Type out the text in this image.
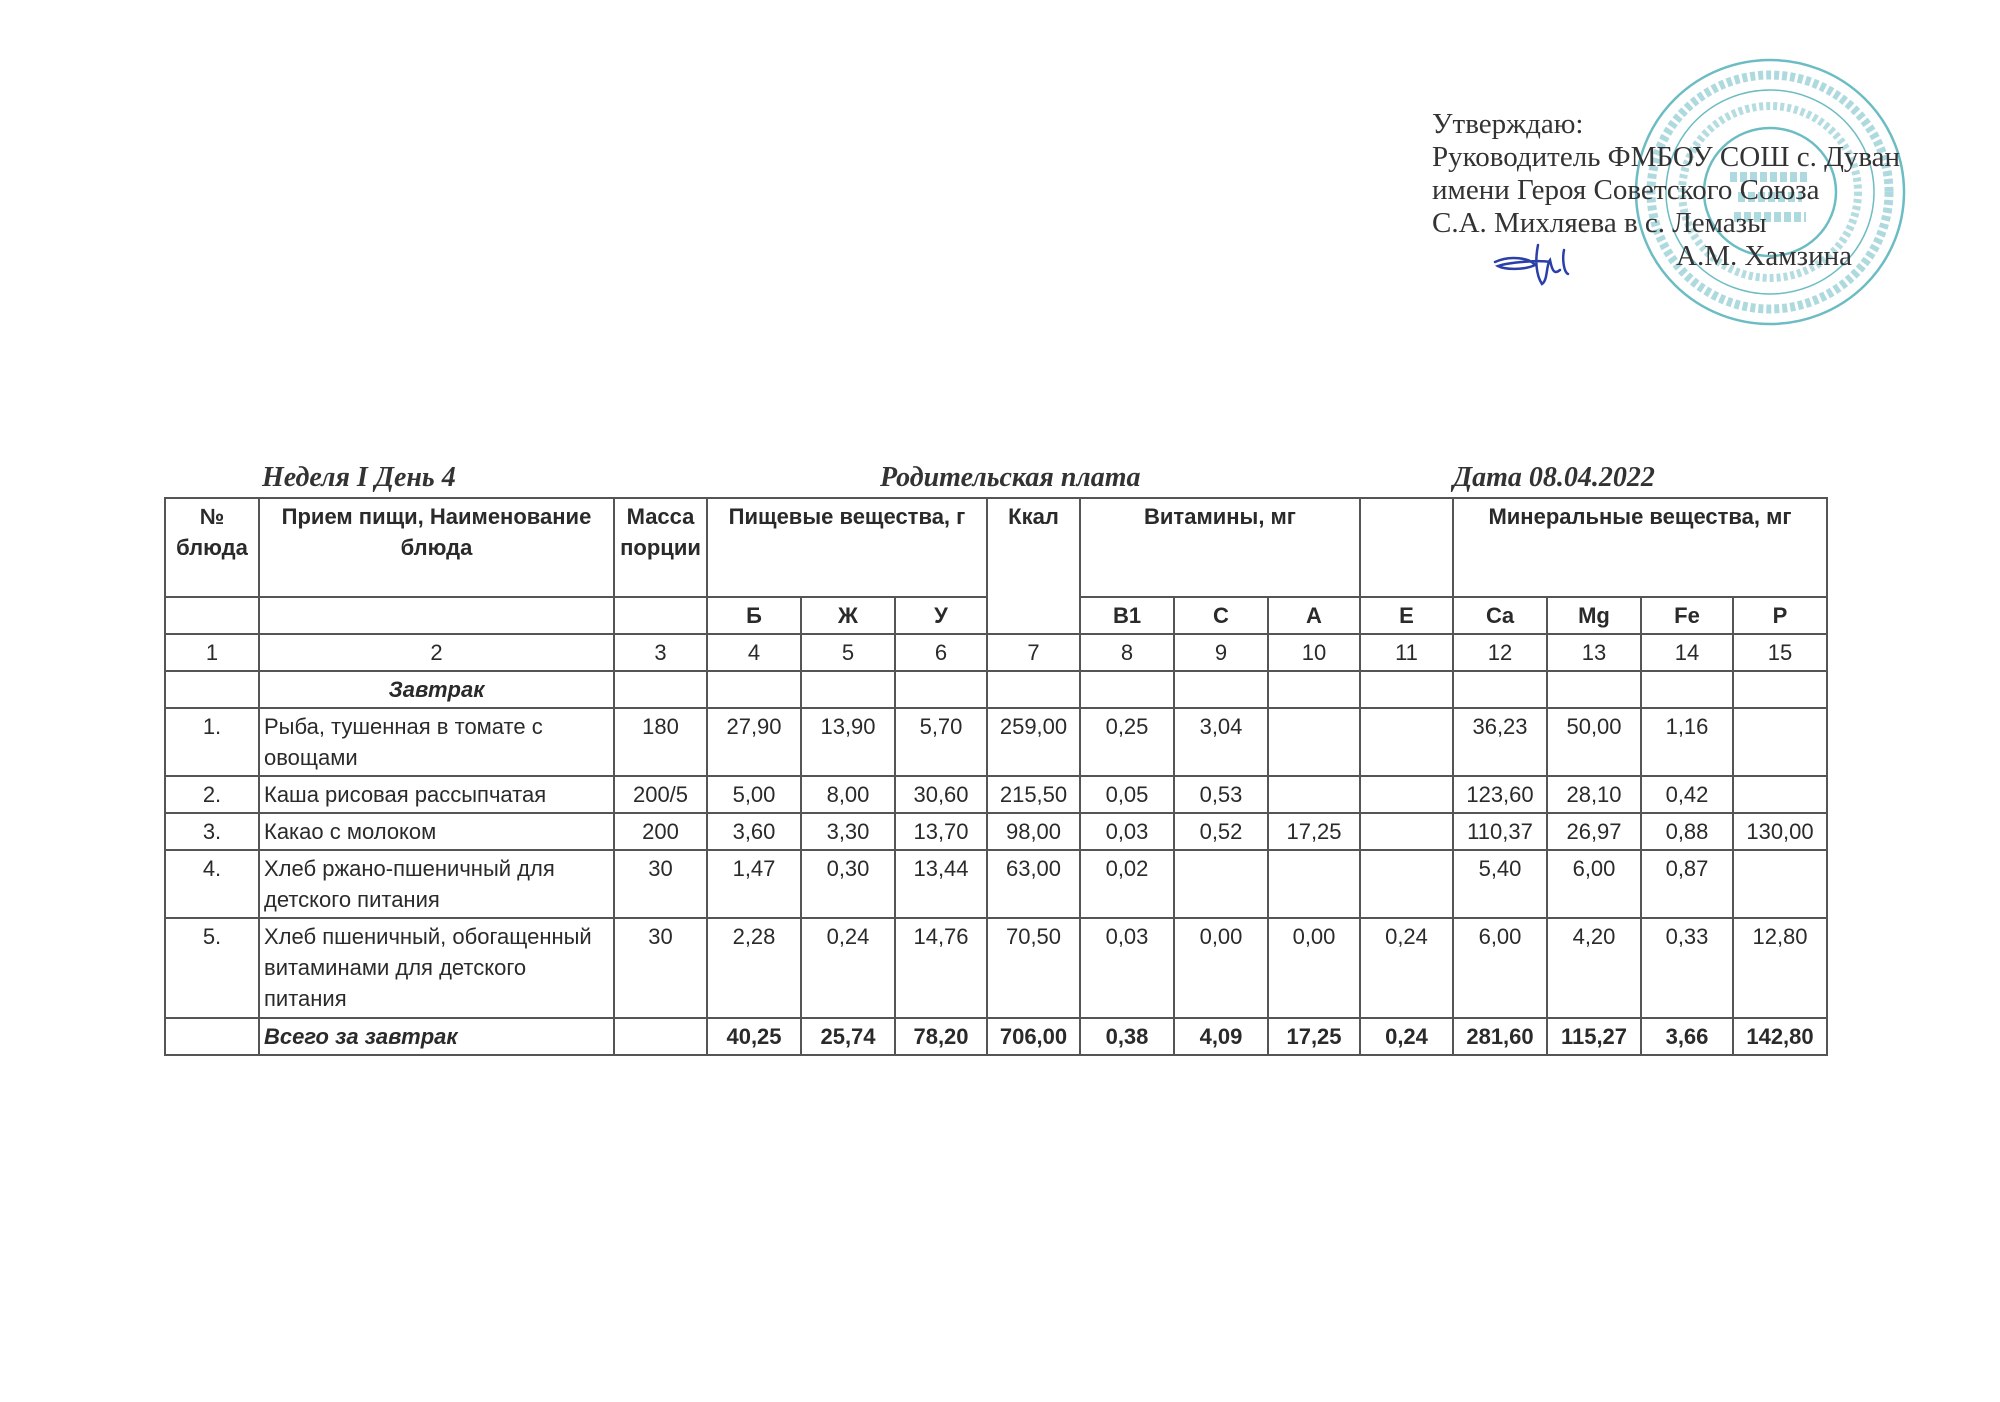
Утверждаю:
Руководитель ФМБОУ СОШ с. Дуван
имени Героя Советского Союза
С.А. Михляева в с. Лемазы
А.М. Хамзина
Неделя I День 4	Родительская плата	Дата 08.04.2022
№ блюда	Прием пищи, Наименование блюда	Масса порции	Пищевые вещества, г			Ккал	Витамины, мг				Минеральные вещества, мг			
			Б	Ж	У		B1	C	A	E	Ca	Mg	Fe	P
1	2	3	4	5	6	7	8	9	10	11	12	13	14	15
	Завтрак													
1.	Рыба, тушенная в томате с овощами	180	27,90	13,90	5,70	259,00	0,25	3,04			36,23	50,00	1,16	
2.	Каша рисовая рассыпчатая	200/5	5,00	8,00	30,60	215,50	0,05	0,53			123,60	28,10	0,42	
3.	Какао с молоком	200	3,60	3,30	13,70	98,00	0,03	0,52	17,25		110,37	26,97	0,88	130,00
4.	Хлеб ржано-пшеничный для детского питания	30	1,47	0,30	13,44	63,00	0,02				5,40	6,00	0,87	
5.	Хлеб пшеничный, обогащенный витаминами для детского питания	30	2,28	0,24	14,76	70,50	0,03	0,00	0,00	0,24	6,00	4,20	0,33	12,80
	Всего за завтрак		40,25	25,74	78,20	706,00	0,38	4,09	17,25	0,24	281,60	115,27	3,66	142,80
